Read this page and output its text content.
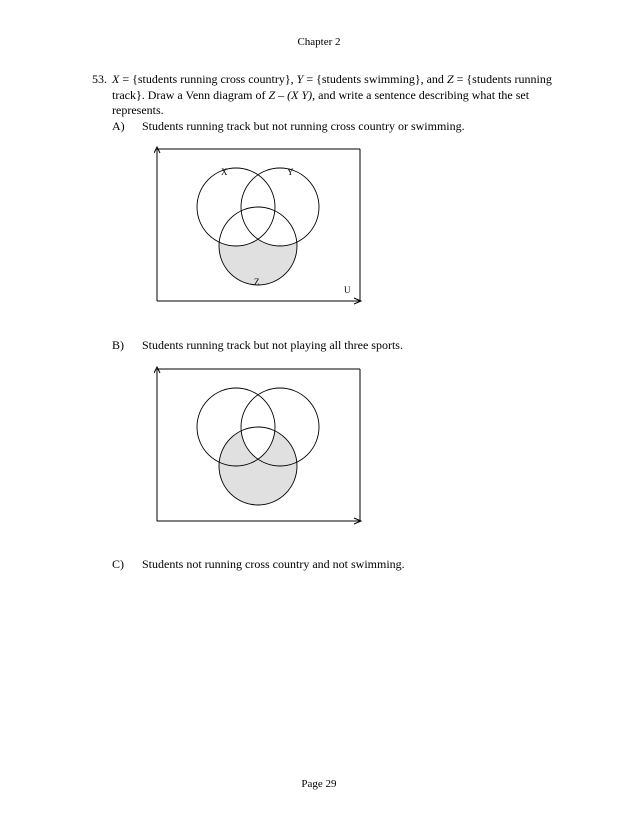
Chapter 2
53. X = {students running cross country}, Y = {students swimming}, and Z = {students running track}. Draw a Venn diagram of Z – (X Y), and write a sentence describing what the set represents.
A) Students running track but not running cross country or swimming.
X	Y
Z
U
B) Students running track but not playing all three sports.
C) Students not running cross country and not swimming.
Page 29
